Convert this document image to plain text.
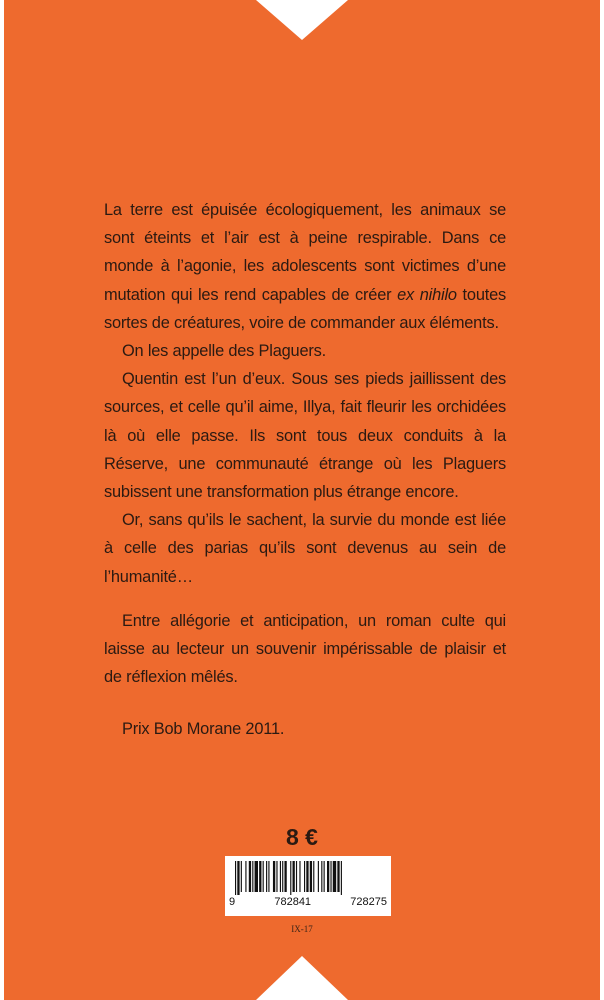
La terre est épuisée écologiquement, les animaux se sont éteints et l’air est à peine respirable. Dans ce monde à l’agonie, les adolescents sont victimes d’une mutation qui les rend capables de créer ex nihilo toutes sortes de créatures, voire de commander aux éléments.

On les appelle des Plaguers.

Quentin est l’un d’eux. Sous ses pieds jaillissent des sources, et celle qu’il aime, Illya, fait fleurir les orchidées là où elle passe. Ils sont tous deux conduits à la Réserve, une communauté étrange où les Plaguers subissent une transformation plus étrange encore.

Or, sans qu’ils le sachent, la survie du monde est liée à celle des parias qu’ils sont devenus au sein de l’humanité…

Entre allégorie et anticipation, un roman culte qui laisse au lecteur un souvenir impérissable de plaisir et de réflexion mêlés.

Prix Bob Morane 2011.

8 €
9	782841	728275
IX-17
